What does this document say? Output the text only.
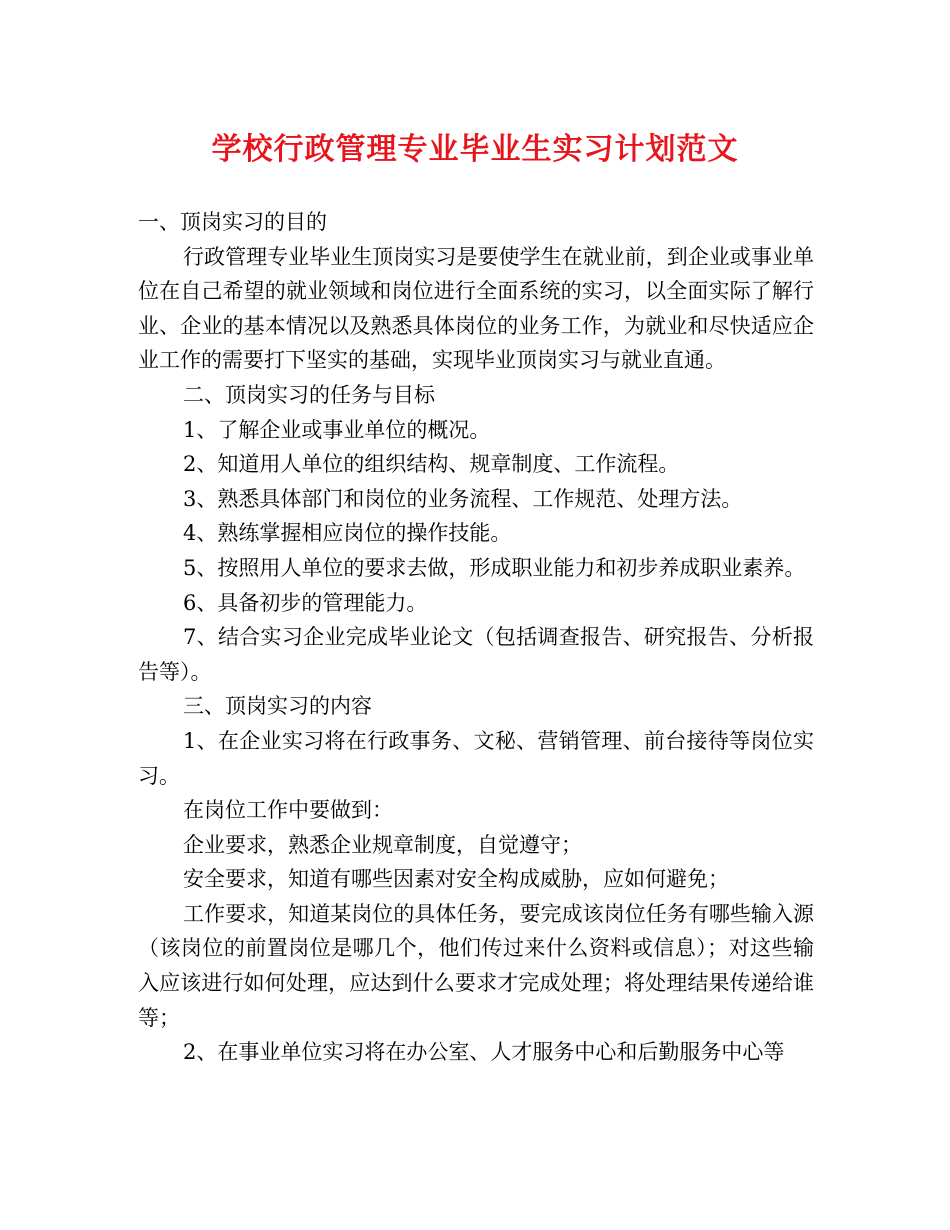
学校行政管理专业毕业生实习计划范文

一、顶岗实习的目的

行政管理专业毕业生顶岗实习是要使学生在就业前，到企业或事业单位在自己希望的就业领域和岗位进行全面系统的实习，以全面实际了解行业、企业的基本情况以及熟悉具体岗位的业务工作，为就业和尽快适应企业工作的需要打下坚实的基础，实现毕业顶岗实习与就业直通。

二、顶岗实习的任务与目标

1、了解企业或事业单位的概况。

2、知道用人单位的组织结构、规章制度、工作流程。

3、熟悉具体部门和岗位的业务流程、工作规范、处理方法。

4、熟练掌握相应岗位的操作技能。

5、按照用人单位的要求去做，形成职业能力和初步养成职业素养。

6、具备初步的管理能力。

7、结合实习企业完成毕业论文（包括调查报告、研究报告、分析报告等）。

三、顶岗实习的内容

1、在企业实习将在行政事务、文秘、营销管理、前台接待等岗位实习。

在岗位工作中要做到：

企业要求，熟悉企业规章制度，自觉遵守；

安全要求，知道有哪些因素对安全构成威胁，应如何避免；

工作要求，知道某岗位的具体任务，要完成该岗位任务有哪些输入源（该岗位的前置岗位是哪几个，他们传过来什么资料或信息）；对这些输入应该进行如何处理，应达到什么要求才完成处理；将处理结果传递给谁等；

2、在事业单位实习将在办公室、人才服务中心和后勤服务中心等
